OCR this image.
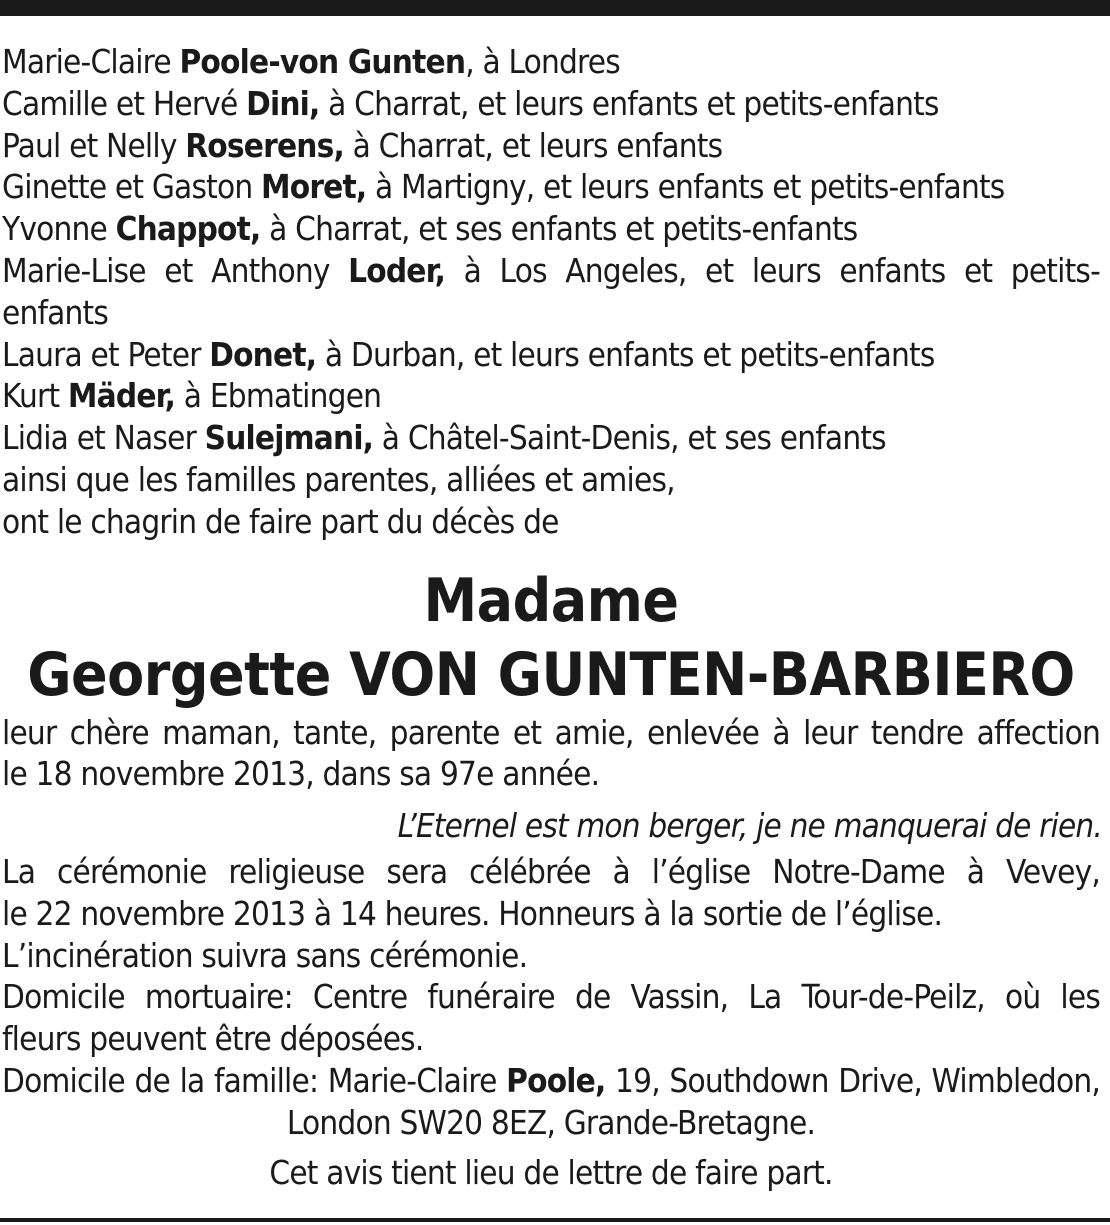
Marie-Claire Poole-von Gunten, à Londres
Camille et Hervé Dini, à Charrat, et leurs enfants et petits-enfants
Paul et Nelly Roserens, à Charrat, et leurs enfants
Ginette et Gaston Moret, à Martigny, et leurs enfants et petits-enfants
Yvonne Chappot, à Charrat, et ses enfants et petits-enfants
Marie-Lise et Anthony Loder, à Los Angeles, et leurs enfants et petits-
enfants
Laura et Peter Donet, à Durban, et leurs enfants et petits-enfants
Kurt Mäder, à Ebmatingen
Lidia et Naser Sulejmani, à Châtel-Saint-Denis, et ses enfants
ainsi que les familles parentes, alliées et amies,
ont le chagrin de faire part du décès de
Madame
Georgette VON GUNTEN-BARBIERO
leur chère maman, tante, parente et amie, enlevée à leur tendre affection
le 18 novembre 2013, dans sa 97e année.
L’Eternel est mon berger, je ne manquerai de rien.
La cérémonie religieuse sera célébrée à l’église Notre-Dame à Vevey,
le 22 novembre 2013 à 14 heures. Honneurs à la sortie de l’église.
L’incinération suivra sans cérémonie.
Domicile mortuaire: Centre funéraire de Vassin, La Tour-de-Peilz, où les
fleurs peuvent être déposées.
Domicile de la famille: Marie-Claire Poole, 19, Southdown Drive, Wimbledon,
London SW20 8EZ, Grande-Bretagne.
Cet avis tient lieu de lettre de faire part.
